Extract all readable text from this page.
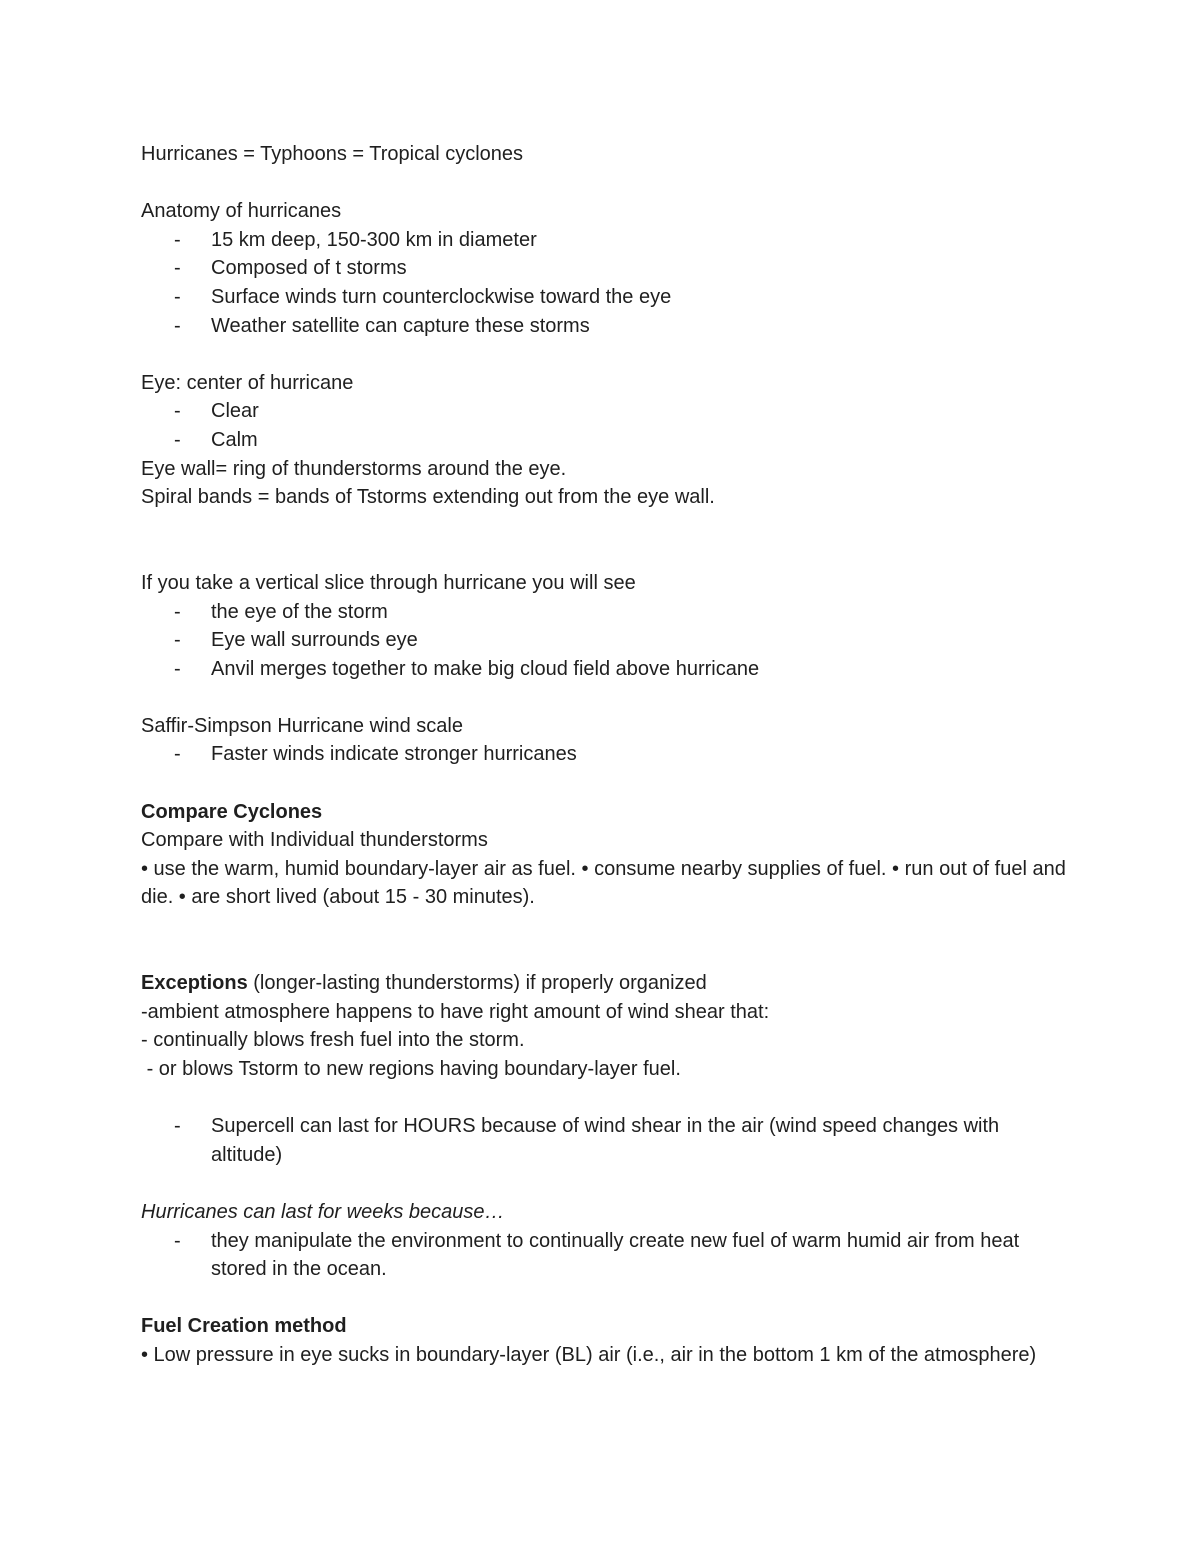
Hurricanes = Typhoons = Tropical cyclones
Anatomy of hurricanes
- 15 km deep, 150-300 km in diameter
- Composed of t storms
- Surface winds turn counterclockwise toward the eye
- Weather satellite can capture these storms
Eye: center of hurricane
- Clear
- Calm
Eye wall= ring of thunderstorms around the eye.
Spiral bands = bands of Tstorms extending out from the eye wall.
If you take a vertical slice through hurricane you will see
- the eye of the storm
- Eye wall surrounds eye
- Anvil merges together to make big cloud field above hurricane
Saffir-Simpson Hurricane wind scale
- Faster winds indicate stronger hurricanes
Compare Cyclones
Compare with Individual thunderstorms
• use the warm, humid boundary-layer air as fuel. • consume nearby supplies of fuel. • run out of fuel and die. • are short lived (about 15 - 30 minutes).
Exceptions (longer-lasting thunderstorms) if properly organized
-ambient atmosphere happens to have right amount of wind shear that:
- continually blows fresh fuel into the storm.
- or blows Tstorm to new regions having boundary-layer fuel.
- Supercell can last for HOURS because of wind shear in the air (wind speed changes with altitude)
Hurricanes can last for weeks because…
- they manipulate the environment to continually create new fuel of warm humid air from heat stored in the ocean.
Fuel Creation method
• Low pressure in eye sucks in boundary-layer (BL) air (i.e., air in the bottom 1 km of the atmosphere)
